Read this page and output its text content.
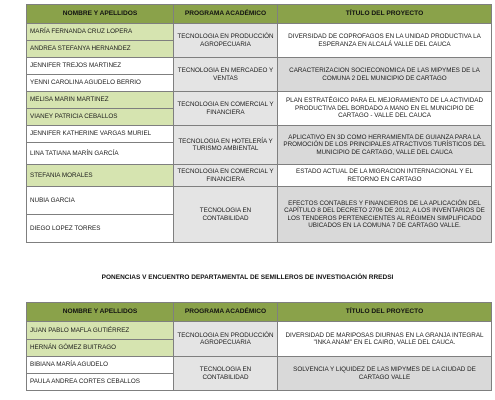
NOMBRE Y APELLIDOS	PROGRAMA ACADÉMICO	TÍTULO DEL PROYECTO
MARÍA FERNANDA CRUZ LOPERA	TECNOLOGIA EN PRODUCCIÓN AGROPECUARIA	DIVERSIDAD DE COPROFAGOS EN LA UNIDAD PRODUCTIVA LA ESPERANZA EN ALCALÁ VALLE DEL CAUCA
ANDREA STEFANYA HERNANDEZ		
JENNIFER TREJOS MARTINEZ	TECNOLOGIA EN MERCADEO Y VENTAS	CARACTERIZACION SOCIECONOMICA DE LAS MIPYMES DE LA COMUNA 2 DEL MUNICIPIO DE CARTAGO
YENNI CAROLINA AGUDELO BERRIO		
MELISA MARIN MARTINEZ	TECNOLOGIA EN COMERCIAL Y FINANCIERA	PLAN ESTRATÉGICO PARA EL MEJORAMIENTO DE LA ACTIVIDAD PRODUCTIVA DEL BORDADO A MANO EN EL MUNICIPIO DE CARTAGO - VALLE DEL CAUCA
VIANEY PATRICIA CEBALLOS		
JENNIFER KATHERINE VARGAS MURIEL	TECNOLOGIA EN HOTELERÍA Y TURISMO AMBIENTAL	APLICATIVO EN 3D COMO HERRAMIENTA DE GUIANZA PARA LA PROMOCIÓN DE LOS PRINCIPALES ATRACTIVOS TURÍSTICOS DEL MUNICIPIO DE CARTAGO, VALLE DEL CAUCA
LINA TATIANA MARÍN GARCÍA		
STEFANIA MORALES	TECNOLOGIA EN COMERCIAL Y FINANCIERA	ESTADO ACTUAL DE LA MIGRACION INTERNACIONAL Y EL RETORNO EN CARTAGO
NUBIA GARCIA	TECNOLOGIA EN CONTABILIDAD	EFECTOS CONTABLES Y FINANCIEROS DE LA APLICACIÓN DEL CAPÍTULO 8 DEL DECRETO 2706 DE 2012, A LOS INVENTARIOS DE LOS TENDEROS PERTENECIENTES AL RÉGIMEN SIMPLIFICADO UBICADOS EN LA COMUNA 7 DE CARTAGO VALLE.
DIEGO LOPEZ TORRES		
PONENCIAS V ENCUENTRO DEPARTAMENTAL DE SEMILLEROS DE INVESTIGACIÓN RREDSI
NOMBRE Y APELLIDOS	PROGRAMA ACADÉMICO	TÍTULO DEL PROYECTO
JUAN PABLO MAFLA GUTIÉRREZ	TECNOLOGIA EN PRODUCCIÓN AGROPECUARIA	DIVERSIDAD DE MARIPOSAS DIURNAS EN LA GRANJA INTEGRAL "INKA ANAM" EN EL CAIRO, VALLE DEL CAUCA.
HERNÁN GÓMEZ BUITRAGO		
BIBIANA MARÍA AGUDELO	TECNOLOGIA EN CONTABILIDAD	SOLVENCIA Y LIQUIDEZ DE LAS MIPYMES DE LA CIUDAD DE CARTAGO VALLE
PAULA ANDREA CORTES CEBALLOS		
